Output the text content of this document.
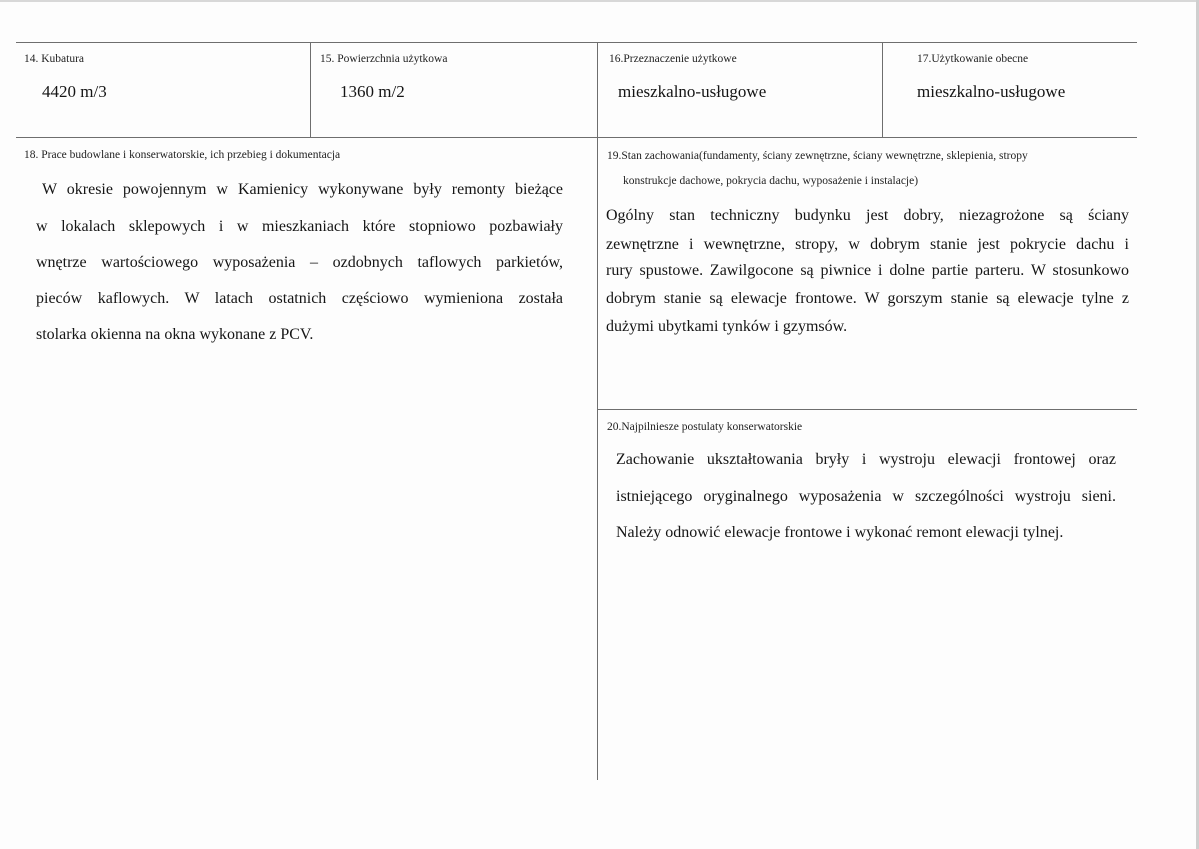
14. Kubatura
4420 m/3
15. Powierzchnia użytkowa
1360 m/2
16.Przeznaczenie użytkowe
mieszkalno-usługowe
17.Użytkowanie obecne
mieszkalno-usługowe
18. Prace budowlane i konserwatorskie, ich przebieg i dokumentacja
W okresie powojennym w Kamienicy wykonywane były remonty bieżące
w lokalach sklepowych i w mieszkaniach które stopniowo pozbawiały
wnętrze wartościowego wyposażenia – ozdobnych taflowych parkietów,
pieców kaflowych. W latach ostatnich częściowo wymieniona została
stolarka okienna na okna wykonane z PCV.
19.Stan zachowania(fundamenty, ściany zewnętrzne, ściany wewnętrzne, sklepienia, stropy
konstrukcje dachowe, pokrycia dachu, wyposażenie i instalacje)
Ogólny stan techniczny budynku jest dobry, niezagrożone są ściany
zewnętrzne i wewnętrzne, stropy, w dobrym stanie jest pokrycie dachu i
rury spustowe. Zawilgocone są piwnice i dolne partie parteru. W stosunkowo
dobrym stanie są elewacje frontowe. W gorszym stanie są elewacje tylne z
dużymi ubytkami tynków i gzymsów.
20.Najpilniesze postulaty konserwatorskie
Zachowanie ukształtowania bryły i wystroju elewacji frontowej oraz
istniejącego oryginalnego wyposażenia w szczególności wystroju sieni.
Należy odnowić elewacje frontowe i wykonać remont elewacji tylnej.
